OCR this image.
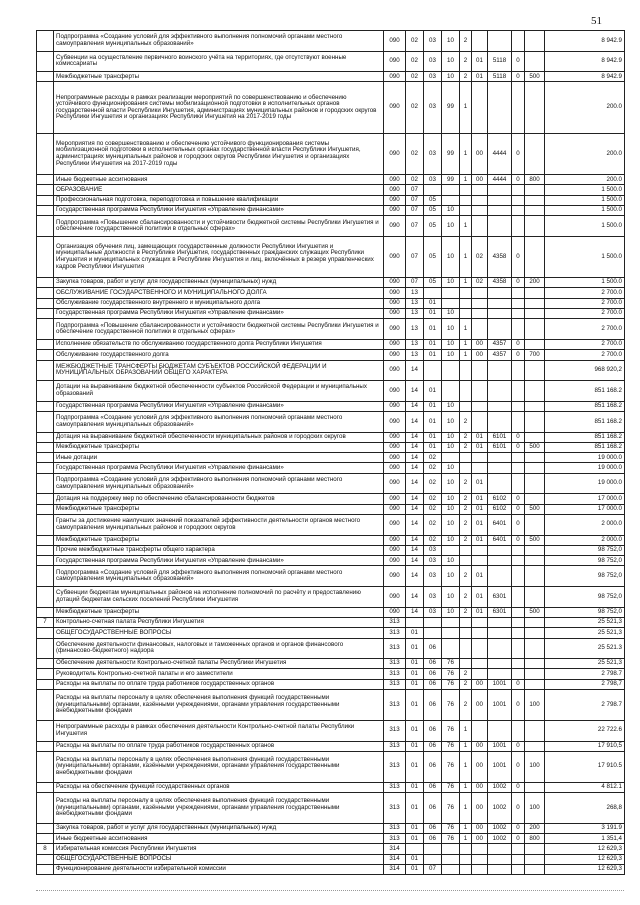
51
	Подпрограмма «Создание условий для эффективного выполнения полномочий органами местного самоуправления муниципальных образований»	090	02	03	10	2					8 942.9
	Субвенции на осуществление первичного воинского учёта на территориях, где отсутствуют военные комиссариаты	090	02	03	10	2	01	5118	0		8 942.9
	Межбюджетные трансферты	090	02	03	10	2	01	5118	0	500	8 942.9
	Непрограммные расходы в рамках реализации мероприятий по совершенствованию и обеспечению устойчивого функционирования системы мобилизационной подготовки в исполнительных органов государственной власти Республики Ингушетия, администрациях муниципальных районов и городских округов Республики Ингушетия и организациях Республики Ингушетия на 2017-2019 годы	090	02	03	99	1					200.0
	Мероприятия по совершенствованию и обеспечению устойчивого функционирования системы мобилизационной подготовки в исполнительных органах государственной власти Республики Ингушетия, администрациях муниципальных районов и городских округов Республики Ингушетия и организациях Республики Ингушетия на 2017-2019 годы	090	02	03	99	1	00	4444	0		200.0
	Иные бюджетные ассигнования	090	02	03	99	1	00	4444	0	800	200.0
	ОБРАЗОВАНИЕ	090	07								1 500.0
	Профессиональная подготовка, переподготовка и повышение квалификации	090	07	05							1 500.0
	Государственная программа Республики Ингушетия «Управление финансами»	090	07	05	10						1 500.0
	Подпрограмма «Повышение сбалансированности и устойчивости бюджетной системы Республики Ингушетия и обеспечение государственной политики в отдельных сферах»	090	07	05	10	1					1 500.0
	Организация обучения лиц, замещающих государственные должности Республики Ингушетия и муниципальные должности в Республике Ингушетия, государственных гражданских служащих Республики Ингушетия и муниципальных служащих в Республике Ингушетия и лиц, включённых в резерв управленческих кадров Республики Ингушетия	090	07	05	10	1	02	4358	0		1 500.0
	Закупка товаров, работ и услуг для государственных (муниципальных) нужд	090	07	05	10	1	02	4358	0	200	1 500.0
	ОБСЛУЖИВАНИЕ ГОСУДАРСТВЕННОГО И МУНИЦИПАЛЬНОГО ДОЛГА	090	13								2 700.0
	Обслуживание государственного внутреннего и муниципального долга	090	13	01							2 700.0
	Государственная программа Республики Ингушетия «Управление финансами»	090	13	01	10						2 700.0
	Подпрограмма «Повышение сбалансированности и устойчивости бюджетной системы Республики Ингушетия и обеспечение государственной политики в отдельных сферах»	090	13	01	10	1					2 700.0
	Исполнение обязательств по обслуживанию государственного долга Республики Ингушетия	090	13	01	10	1	00	4357	0		2 700.0
	Обслуживание государственного долга	090	13	01	10	1	00	4357	0	700	2 700.0
	МЕЖБЮДЖЕТНЫЕ ТРАНСФЕРТЫ БЮДЖЕТАМ СУБЪЕКТОВ РОССИЙСКОЙ ФЕДЕРАЦИИ И МУНИЦИПАЛЬНЫХ ОБРАЗОВАНИЙ ОБЩЕГО ХАРАКТЕРА	090	14								968 920,2
	Дотации на выравнивание бюджетной обеспеченности субъектов Российской Федерации и муниципальных образований	090	14	01							851 168.2
	Государственная программа Республики Ингушетия «Управление финансами»	090	14	01	10						851 168.2
	Подпрограмма «Создание условий для эффективного выполнения полномочий органами местного самоуправления муниципальных образований»	090	14	01	10	2					851 168.2
	Дотация на выравнивание бюджетной обеспеченности муниципальных районов и городских округов	090	14	01	10	2	01	6101	0		851 168.2
	Межбюджетные трансферты	090	14	01	10	2	01	6101	0	500	851 168.2
	Иные дотации	090	14	02							19 000.0
	Государственная программа Республики Ингушетия «Управление финансами»	090	14	02	10						19 000.0
	Подпрограмма «Создание условий для эффективного выполнения полномочий органами местного самоуправления муниципальных образований»	090	14	02	10	2	01				19 000.0
	Дотация на поддержку мер по обеспечению сбалансированности бюджетов	090	14	02	10	2	01	6102	0		17 000.0
	Межбюджетные трансферты	090	14	02	10	2	01	6102	0	500	17 000.0
	Гранты за достижение наилучших значений показателей эффективности деятельности органов местного самоуправления муниципальных районов и городских округов	090	14	02	10	2	01	6401	0		2 000.0
	Межбюджетные трансферты	090	14	02	10	2	01	6401	0	500	2 000.0
	Прочие межбюджетные трансферты общего характера	090	14	03							98 752,0
	Государственная программа Республики Ингушетия «Управление финансами»	090	14	03	10						98 752,0
	Подпрограмма «Создание условий для эффективного выполнения полномочий органами местного самоуправления муниципальных образований»	090	14	03	10	2	01				98 752,0
	Субвенции бюджетам муниципальных районов на исполнение полномочий по расчёту и предоставлению дотаций бюджетам сельских поселений Республики Ингушетия	090	14	03	10	2	01	6301			98 752,0
	Межбюджетные трансферты	090	14	03	10	2	01	6301		500	98 752,0
7	Контрольно-счетная палата Республики Ингушетия	313									25 521,3
	ОБЩЕГОСУДАРСТВЕННЫЕ ВОПРОСЫ	313	01								25 521,3
	Обеспечение деятельности финансовых, налоговых и таможенных органов и органов финансового (финансово-бюджетного) надзора	313	01	06							25 521.3
	Обеспечение деятельности Контрольно-счетной палаты Республики Ингушетия	313	01	06	76						25 521,3
	Руководитель Контрольно-счетной палаты и его заместители	313	01	06	76	2					2 798.7
	Расходы на выплаты по оплате труда работников государственных органов	313	01	06	76	2	00	1001	0		2 798,7
	Расходы на выплаты персоналу в целях обеспечения выполнения функций государственными (муниципальными) органами, казёнными учреждениями, органами управления государственными внебюджетными фондами	313	01	06	76	2	00	1001	0	100	2 798.7
	Непрограммные расходы в рамках обеспечения деятельности Контрольно-счетной палаты Республики Ингушетия	313	01	06	76	1					22 722.6
	Расходы на выплаты по оплате труда работников государственных органов	313	01	06	76	1	00	1001	0		17 910,5
	Расходы на выплаты персоналу в целях обеспечения выполнения функций государственными (муниципальными) органами, казёнными учреждениями, органами управления государственными внебюджетными фондами	313	01	06	76	1	00	1001	0	100	17 910.5
	Расходы на обеспечение функций государственных органов	313	01	06	76	1	00	1002	0		4 812.1
	Расходы на выплаты персоналу в целях обеспечения выполнения функций государственными (муниципальными) органами, казёнными учреждениями, органами управления государственными внебюджетными фондами	313	01	06	76	1	00	1002	0	100	268,8
	Закупка товаров, работ и услуг для государственных (муниципальных) нужд	313	01	06	76	1	00	1002	0	200	3 191.9
	Иные бюджетные ассигнования	313	01	06	76	1	00	1002	0	800	1 351,4
8	Избирательная комиссия Республики Ингушетия	314									12 629,3
	ОБЩЕГОСУДАРСТВЕННЫЕ ВОПРОСЫ	314	01								12 629,3
	Функционирование деятельности избирательной комиссии	314	01	07							12 629,3
